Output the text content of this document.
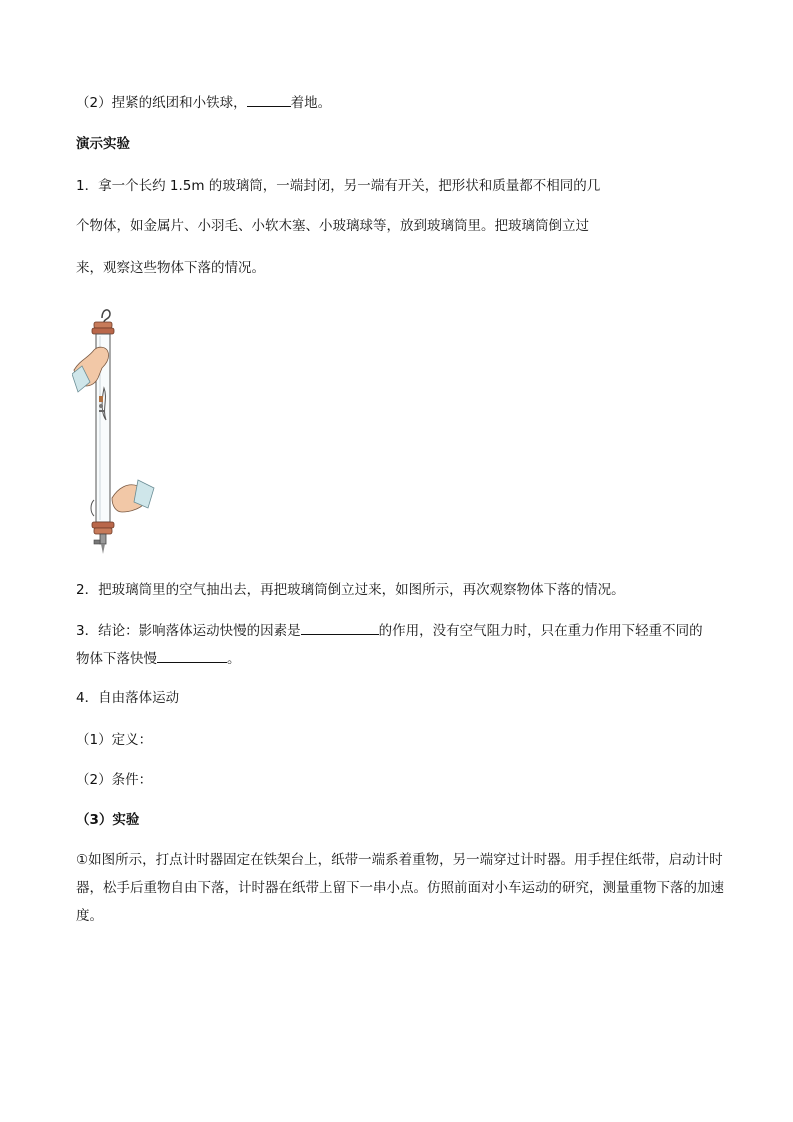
（2）捏紧的纸团和小铁球，	着地。
演示实验
1．拿一个长约 1.5m 的玻璃筒，一端封闭，另一端有开关，把形状和质量都不相同的几
个物体，如金属片、小羽毛、小软木塞、小玻璃球等，放到玻璃筒里。把玻璃筒倒立过
来，观察这些物体下落的情况。
2．把玻璃筒里的空气抽出去，再把玻璃筒倒立过来，如图所示，再次观察物体下落的情况。
3．结论：影响落体运动快慢的因素是	的作用，没有空气阻力时，只在重力作用下轻重不同的
物体下落快慢	。
4．自由落体运动
（1）定义：
（2）条件：
（3）实验
①如图所示，打点计时器固定在铁架台上，纸带一端系着重物，另一端穿过计时器。用手捏住纸带，启动计时器，松手后重物自由下落，计时器在纸带上留下一串小点。仿照前面对小车运动的研究，测量重物下落的加速度。
